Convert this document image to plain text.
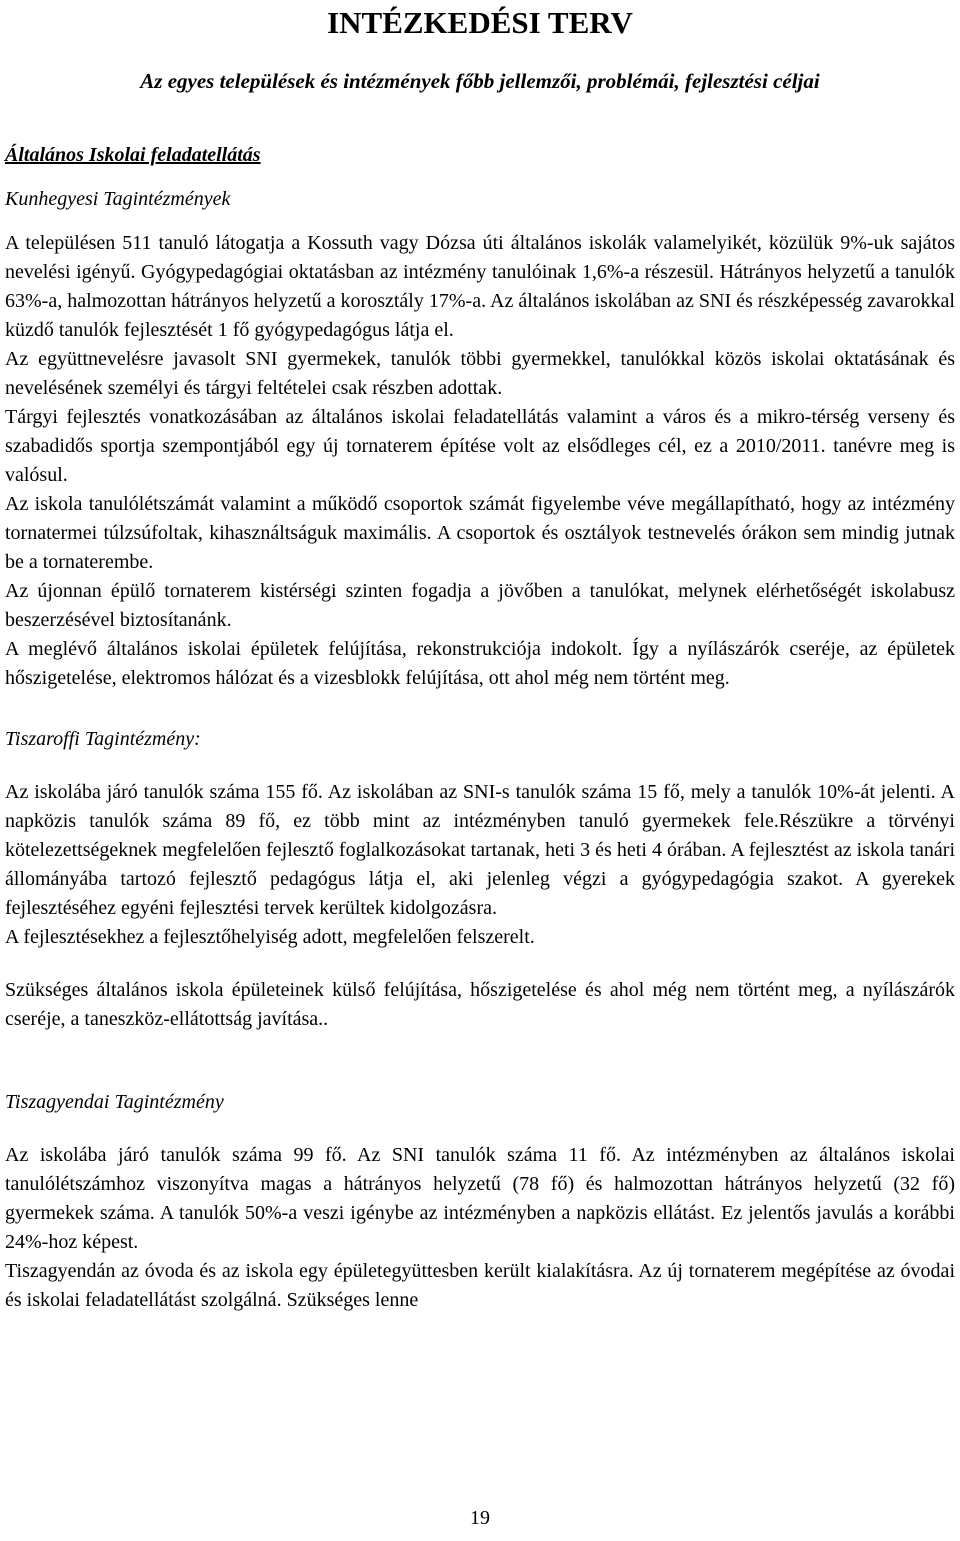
INTÉZKEDÉSI TERV
Az egyes települések és intézmények főbb jellemzői, problémái, fejlesztési céljai
Általános Iskolai feladatellátás
Kunhegyesi Tagintézmények

A településen 511 tanuló látogatja a Kossuth vagy Dózsa úti általános iskolák valamelyikét, közülük 9%-uk sajátos nevelési igényű. Gyógypedagógiai oktatásban az intézmény tanulóinak 1,6%-a részesül. Hátrányos helyzetű a tanulók 63%-a, halmozottan hátrányos helyzetű a korosztály 17%-a. Az általános iskolában az SNI és részképesség zavarokkal küzdő tanulók fejlesztését 1 fő gyógypedagógus látja el.

Az együttnevelésre javasolt SNI gyermekek, tanulók többi gyermekkel, tanulókkal közös iskolai oktatásának és nevelésének személyi és tárgyi feltételei csak részben adottak.

Tárgyi fejlesztés vonatkozásában az általános iskolai feladatellátás valamint a város és a mikro-térség verseny és szabadidős sportja szempontjából egy új tornaterem építése volt az elsődleges cél, ez a 2010/2011. tanévre meg is valósul.

Az iskola tanulólétszámát valamint a működő csoportok számát figyelembe véve megállapítható, hogy az intézmény tornatermei túlzsúfoltak, kihasználtságuk maximális. A csoportok és osztályok testnevelés órákon sem mindig jutnak be a tornaterembe.

Az újonnan épülő tornaterem kistérségi szinten fogadja a jövőben a tanulókat, melynek elérhetőségét iskolabusz beszerzésével biztosítanánk.

A meglévő általános iskolai épületek felújítása, rekonstrukciója indokolt. Így a nyílászárók cseréje, az épületek hőszigetelése, elektromos hálózat és a vizesblokk felújítása, ott ahol még nem történt meg.

Tiszaroffi Tagintézmény:

Az iskolába járó tanulók száma 155 fő. Az iskolában az SNI-s tanulók száma 15 fő, mely a tanulók 10%-át jelenti. A napközis tanulók száma 89 fő, ez több mint az intézményben tanuló gyermekek fele.Részükre a törvényi kötelezettségeknek megfelelően fejlesztő foglalkozásokat tartanak, heti 3 és heti 4 órában. A fejlesztést az iskola tanári állományába tartozó fejlesztő pedagógus látja el, aki jelenleg végzi a gyógypedagógia szakot. A gyerekek fejlesztéséhez egyéni fejlesztési tervek kerültek kidolgozásra.

A fejlesztésekhez a fejlesztőhelyiség adott, megfelelően felszerelt.

Szükséges általános iskola épületeinek külső felújítása, hőszigetelése és ahol még nem történt meg, a nyílászárók cseréje, a taneszköz-ellátottság javítása..

Tiszagyendai Tagintézmény

Az iskolába járó tanulók száma 99 fő. Az SNI tanulók száma 11 fő. Az intézményben az általános iskolai tanulólétszámhoz viszonyítva magas a hátrányos helyzetű (78 fő) és halmozottan hátrányos helyzetű (32 fő) gyermekek száma. A tanulók 50%-a veszi igénybe az intézményben a napközis ellátást. Ez jelentős javulás a korábbi 24%-hoz képest.

Tiszagyendán az óvoda és az iskola egy épületegyüttesben került kialakításra. Az új tornaterem megépítése az óvodai és iskolai feladatellátást szolgálná. Szükséges lenne

19
